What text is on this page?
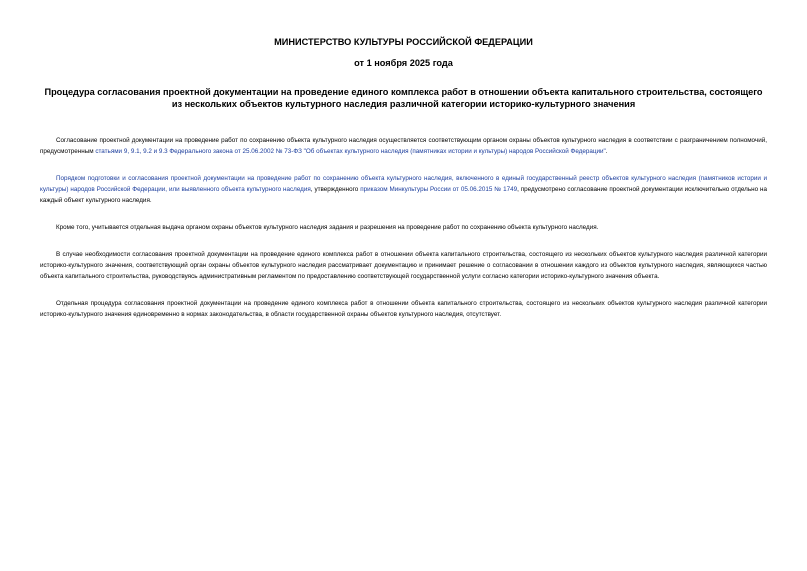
МИНИСТЕРСТВО КУЛЬТУРЫ РОССИЙСКОЙ ФЕДЕРАЦИИ

от 1 ноября 2025 года

Процедура согласования проектной документации на проведение единого комплекса работ в отношении объекта капитального строительства, состоящего из нескольких объектов культурного наследия различной категории историко-культурного значения

Согласование проектной документации на проведение работ по сохранению объекта культурного наследия осуществляется соответствующим органом охраны объектов культурного наследия в соответствии с разграничением полномочий, предусмотренным статьями 9, 9.1, 9.2 и 9.3 Федерального закона от 25.06.2002 № 73-ФЗ "Об объектах культурного наследия (памятниках истории и культуры) народов Российской Федерации".

Порядком подготовки и согласования проектной документации на проведение работ по сохранению объекта культурного наследия, включенного в единый государственный реестр объектов культурного наследия (памятников истории и культуры) народов Российской Федерации, или выявленного объекта культурного наследия, утвержденного приказом Минкультуры России от 05.06.2015 № 1749, предусмотрено согласование проектной документации исключительно отдельно на каждый объект культурного наследия.

Кроме того, учитывается отдельная выдача органом охраны объектов культурного наследия задания и разрешения на проведение работ по сохранению объекта культурного наследия.

В случае необходимости согласования проектной документации на проведение единого комплекса работ в отношении объекта капитального строительства, состоящего из нескольких объектов культурного наследия различной категории историко-культурного значения, соответствующий орган охраны объектов культурного наследия рассматривает документацию и принимает решение о согласовании в отношении каждого из объектов культурного наследия, являющихся частью объекта капитального строительства, руководствуясь административным регламентом по предоставлению соответствующей государственной услуги согласно категории историко-культурного значения объекта.

Отдельная процедура согласования проектной документации на проведение единого комплекса работ в отношении объекта капитального строительства, состоящего из нескольких объектов культурного наследия различной категории историко-культурного значения единовременно в нормах законодательства, в области государственной охраны объектов культурного наследия, отсутствует.
